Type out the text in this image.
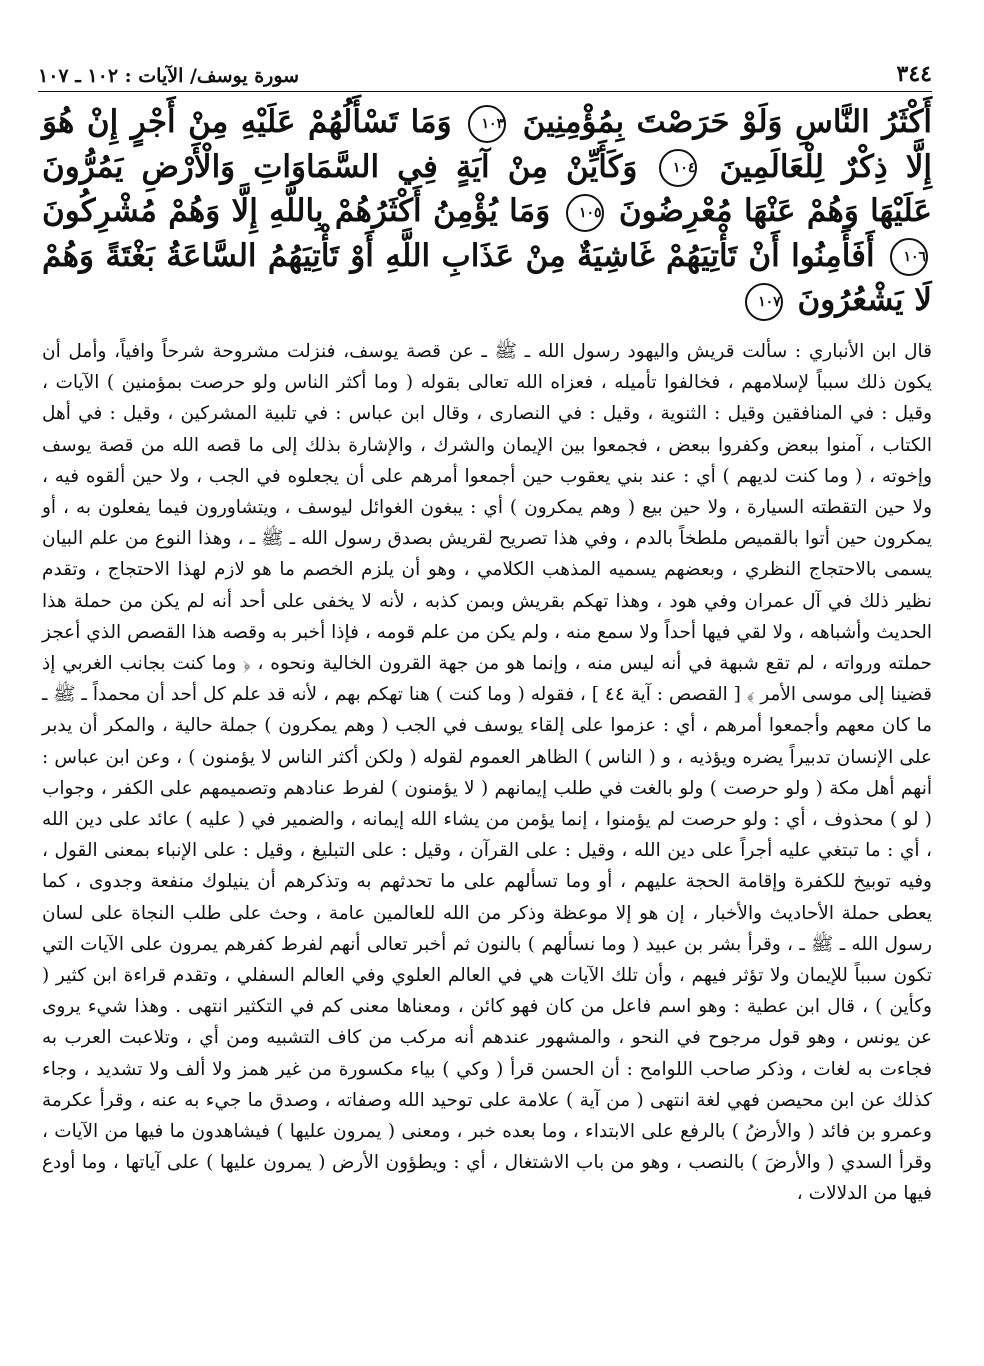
٣٤٤
سورة يوسف/ الآيات : ١٠٢ ـ ١٠٧
أَكْثَرُ النَّاسِ وَلَوْ حَرَصْتَ بِمُؤْمِنِينَ ١٠٣ وَمَا تَسْأَلُهُمْ عَلَيْهِ مِنْ أَجْرٍ إِنْ هُوَ إِلَّا ذِكْرٌ لِلْعَالَمِينَ ١٠٤ وَكَأَيِّنْ مِنْ آيَةٍ فِي السَّمَاوَاتِ وَالْأَرْضِ يَمُرُّونَ عَلَيْهَا وَهُمْ عَنْهَا مُعْرِضُونَ ١٠٥ وَمَا يُؤْمِنُ أَكْثَرُهُمْ بِاللَّهِ إِلَّا وَهُمْ مُشْرِكُونَ ١٠٦ أَفَأَمِنُوا أَنْ تَأْتِيَهُمْ غَاشِيَةٌ مِنْ عَذَابِ اللَّهِ أَوْ تَأْتِيَهُمُ السَّاعَةُ بَغْتَةً وَهُمْ لَا يَشْعُرُونَ ١٠٧

قال ابن الأنباري : سألت قريش واليهود رسول الله ـ ﷺ ـ عن قصة يوسف، فنزلت مشروحة شرحاً وافياً، وأمل أن يكون ذلك سبباً لإسلامهم ، فخالفوا تأميله ، فعزاه الله تعالى بقوله ( وما أكثر الناس ولو حرصت بمؤمنين ) الآيات ، وقيل : في المنافقين وقيل : الثنوية ، وقيل : في النصارى ، وقال ابن عباس : في تلبية المشركين ، وقيل : في أهل الكتاب ، آمنوا ببعض وكفروا ببعض ، فجمعوا بين الإيمان والشرك ، والإشارة بذلك إلى ما قصه الله من قصة يوسف وإخوته ، ( وما كنت لديهم ) أي : عند بني يعقوب حين أجمعوا أمرهم على أن يجعلوه في الجب ، ولا حين ألقوه فيه ، ولا حين التقطته السيارة ، ولا حين بيع ( وهم يمكرون ) أي : يبغون الغوائل ليوسف ، ويتشاورون فيما يفعلون به ، أو يمكرون حين أتوا بالقميص ملطخاً بالدم ، وفي هذا تصريح لقريش بصدق رسول الله ـ ﷺ ـ ، وهذا النوع من علم البيان يسمى بالاحتجاج النظري ، وبعضهم يسميه المذهب الكلامي ، وهو أن يلزم الخصم ما هو لازم لهذا الاحتجاج ، وتقدم نظير ذلك في آل عمران وفي هود ، وهذا تهكم بقريش وبمن كذبه ، لأنه لا يخفى على أحد أنه لم يكن من حملة هذا الحديث وأشباهه ، ولا لقي فيها أحداً ولا سمع منه ، ولم يكن من علم قومه ، فإذا أخبر به وقصه هذا القصص الذي أعجز حملته ورواته ، لم تقع شبهة في أنه ليس منه ، وإنما هو من جهة القرون الخالية ونحوه ، ﴿ وما كنت بجانب الغربي إذ قضينا إلى موسى الأمر ﴾ [ القصص : آية ٤٤ ] ، فقوله ( وما كنت ) هنا تهكم بهم ، لأنه قد علم كل أحد أن محمداً ـ ﷺ ـ ما كان معهم وأجمعوا أمرهم ، أي : عزموا على إلقاء يوسف في الجب ( وهم يمكرون ) جملة حالية ، والمكر أن يدبر على الإنسان تدبيراً يضره ويؤذيه ، و ( الناس ) الظاهر العموم لقوله ( ولكن أكثر الناس لا يؤمنون ) ، وعن ابن عباس : أنهم أهل مكة ( ولو حرصت ) ولو بالغت في طلب إيمانهم ( لا يؤمنون ) لفرط عنادهم وتصميمهم على الكفر ، وجواب ( لو ) محذوف ، أي : ولو حرصت لم يؤمنوا ، إنما يؤمن من يشاء الله إيمانه ، والضمير في ( عليه ) عائد على دين الله ، أي : ما تبتغي عليه أجراً على دين الله ، وقيل : على القرآن ، وقيل : على التبليغ ، وقيل : على الإنباء بمعنى القول ، وفيه توبيخ للكفرة وإقامة الحجة عليهم ، أو وما تسألهم على ما تحدثهم به وتذكرهم أن ينيلوك منفعة وجدوى ، كما يعطى حملة الأحاديث والأخبار ، إن هو إلا موعظة وذكر من الله للعالمين عامة ، وحث على طلب النجاة على لسان رسول الله ـ ﷺ ـ ، وقرأ بشر بن عبيد ( وما نسألهم ) بالنون ثم أخبر تعالى أنهم لفرط كفرهم يمرون على الآيات التي تكون سبباً للإيمان ولا تؤثر فيهم ، وأن تلك الآيات هي في العالم العلوي وفي العالم السفلي ، وتقدم قراءة ابن كثير ( وكأين ) ، قال ابن عطية : وهو اسم فاعل من كان فهو كائن ، ومعناها معنى كم في التكثير انتهى . وهذا شيء يروى عن يونس ، وهو قول مرجوح في النحو ، والمشهور عندهم أنه مركب من كاف التشبيه ومن أي ، وتلاعبت العرب به فجاءت به لغات ، وذكر صاحب اللوامح : أن الحسن قرأ ( وكي ) بياء مكسورة من غير همز ولا ألف ولا تشديد ، وجاء كذلك عن ابن محيصن فهي لغة انتهى ( من آية ) علامة على توحيد الله وصفاته ، وصدق ما جيء به عنه ، وقرأ عكرمة وعمرو بن فائد ( والأرضُ ) بالرفع على الابتداء ، وما بعده خبر ، ومعنى ( يمرون عليها ) فيشاهدون ما فيها من الآيات ، وقرأ السدي ( والأرضَ ) بالنصب ، وهو من باب الاشتغال ، أي : ويطؤون الأرض ( يمرون عليها ) على آياتها ، وما أودع فيها من الدلالات ،
